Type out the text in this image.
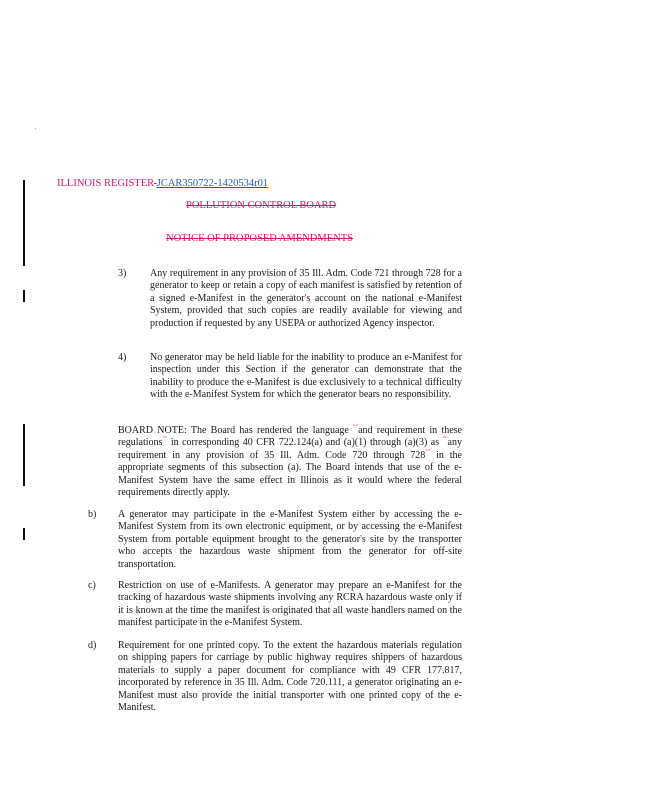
ILLINOIS REGISTER JCAR350722-1420534r01
POLLUTION CONTROL BOARD
NOTICE OF PROPOSED AMENDMENTS
3) Any requirement in any provision of 35 Ill. Adm. Code 721 through 728 for a generator to keep or retain a copy of each manifest is satisfied by retention of a signed e-Manifest in the generator's account on the national e-Manifest System, provided that such copies are readily available for viewing and production if requested by any USEPA or authorized Agency inspector.
4) No generator may be held liable for the inability to produce an e-Manifest for inspection under this Section if the generator can demonstrate that the inability to produce the e-Manifest is due exclusively to a technical difficulty with the e-Manifest System for which the generator bears no responsibility.
BOARD NOTE: The Board has rendered the language ""and requirement in these regulations"" in corresponding 40 CFR 722.124(a) and (a)(1) through (a)(3) as ""any requirement in any provision of 35 Ill. Adm. Code 720 through 728"" in the appropriate segments of this subsection (a). The Board intends that use of the e-Manifest System have the same effect in Illinois as it would where the federal requirements directly apply.
b) A generator may participate in the e-Manifest System either by accessing the e-Manifest System from its own electronic equipment, or by accessing the e-Manifest System from portable equipment brought to the generator's site by the transporter who accepts the hazardous waste shipment from the generator for off-site transportation.
c) Restriction on use of e-Manifests. A generator may prepare an e-Manifest for the tracking of hazardous waste shipments involving any RCRA hazardous waste only if it is known at the time the manifest is originated that all waste handlers named on the manifest participate in the e-Manifest System.
d) Requirement for one printed copy. To the extent the hazardous materials regulation on shipping papers for carriage by public highway requires shippers of hazardous materials to supply a paper document for compliance with 49 CFR 177.817, incorporated by reference in 35 Ill. Adm. Code 720.111, a generator originating an e-Manifest must also provide the initial transporter with one printed copy of the e-Manifest.
